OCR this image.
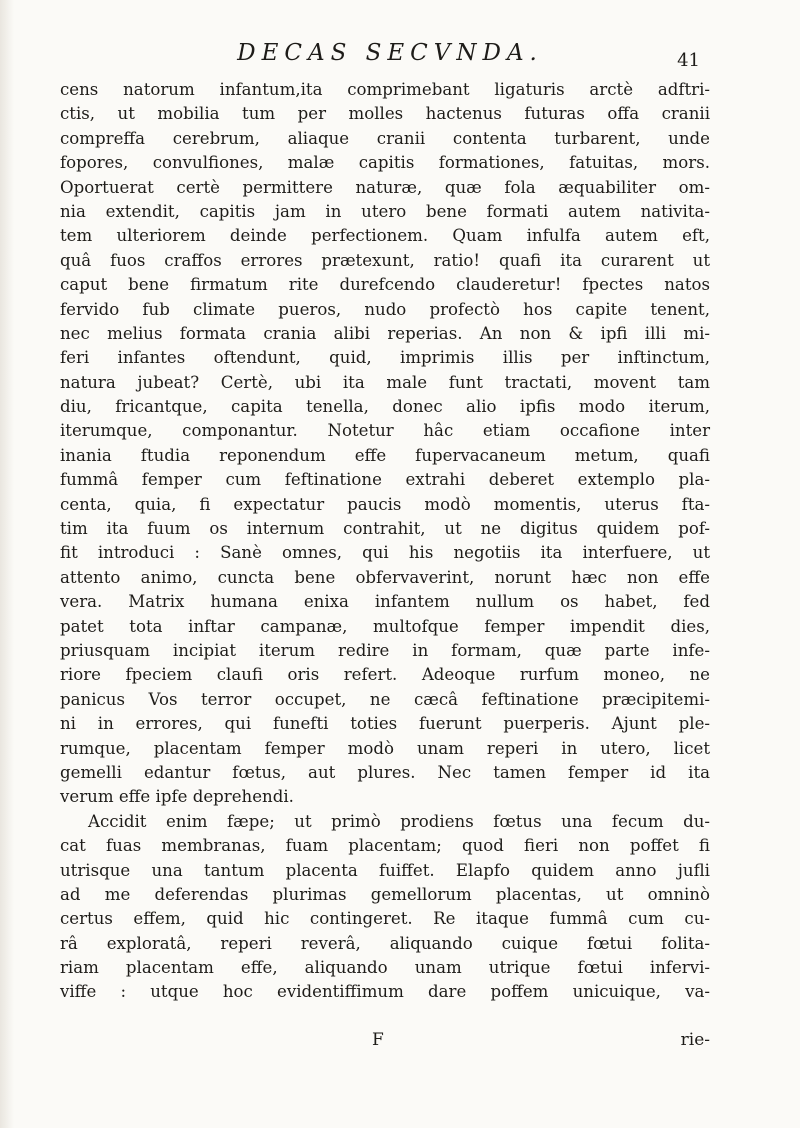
DECAS SECVNDA.	41
cens natorum infantum,ita comprimebant ligaturis arctè adftri-
ctis, ut mobilia tum per molles hactenus futuras offa cranii
compreffa cerebrum, aliaque cranii contenta turbarent, unde
fopores, convulfiones, malæ capitis formationes, fatuitas, mors.
Oportuerat certè permittere naturæ, quæ fola æquabiliter om-
nia extendit, capitis jam in utero bene formati autem nativita-
tem ulteriorem deinde perfectionem. Quam infulfa autem eft,
quâ fuos craffos errores prætexunt, ratio! quafi ita curarent ut
caput bene firmatum rite durefcendo clauderetur! fpectes natos
fervido fub climate pueros, nudo profectò hos capite tenent,
nec melius formata crania alibi reperias. An non & ipfi illi mi-
feri infantes oftendunt, quid, imprimis illis per inftinctum,
natura jubeat? Certè, ubi ita male funt tractati, movent tam
diu, fricantque, capita tenella, donec alio ipfis modo iterum,
iterumque, componantur. Notetur hâc etiam occafione inter
inania ftudia reponendum effe fupervacaneum metum, quafi
fummâ femper cum feftinatione extrahi deberet extemplo pla-
centa, quia, fi expectatur paucis modò momentis, uterus fta-
tim ita fuum os internum contrahit, ut ne digitus quidem pof-
fit introduci : Sanè omnes, qui his negotiis ita interfuere, ut
attento animo, cuncta bene obfervaverint, norunt hæc non effe
vera. Matrix humana enixa infantem nullum os habet, fed
patet tota inftar campanæ, multofque femper impendit dies,
priusquam incipiat iterum redire in formam, quæ parte infe-
riore fpeciem claufi oris refert. Adeoque rurfum moneo, ne
panicus Vos terror occupet, ne cæcâ feftinatione præcipitemi-
ni in errores, qui funefti toties fuerunt puerperis. Ajunt ple-
rumque, placentam femper modò unam reperi in utero, licet
gemelli edantur fœtus, aut plures. Nec tamen femper id ita
verum effe ipfe deprehendi.
Accidit enim fæpe; ut primò prodiens fœtus una fecum du-
cat fuas membranas, fuam placentam; quod fieri non poffet fi
utrisque una tantum placenta fuiffet. Elapfo quidem anno jufli
ad me deferendas plurimas gemellorum placentas, ut omninò
certus effem, quid hic contingeret. Re itaque fummâ cum cu-
râ exploratâ, reperi reverâ, aliquando cuique fœtui folita-
riam placentam effe, aliquando unam utrique fœtui infervi-
viffe : utque hoc evidentiffimum dare poffem unicuique, va-
F	rie-
